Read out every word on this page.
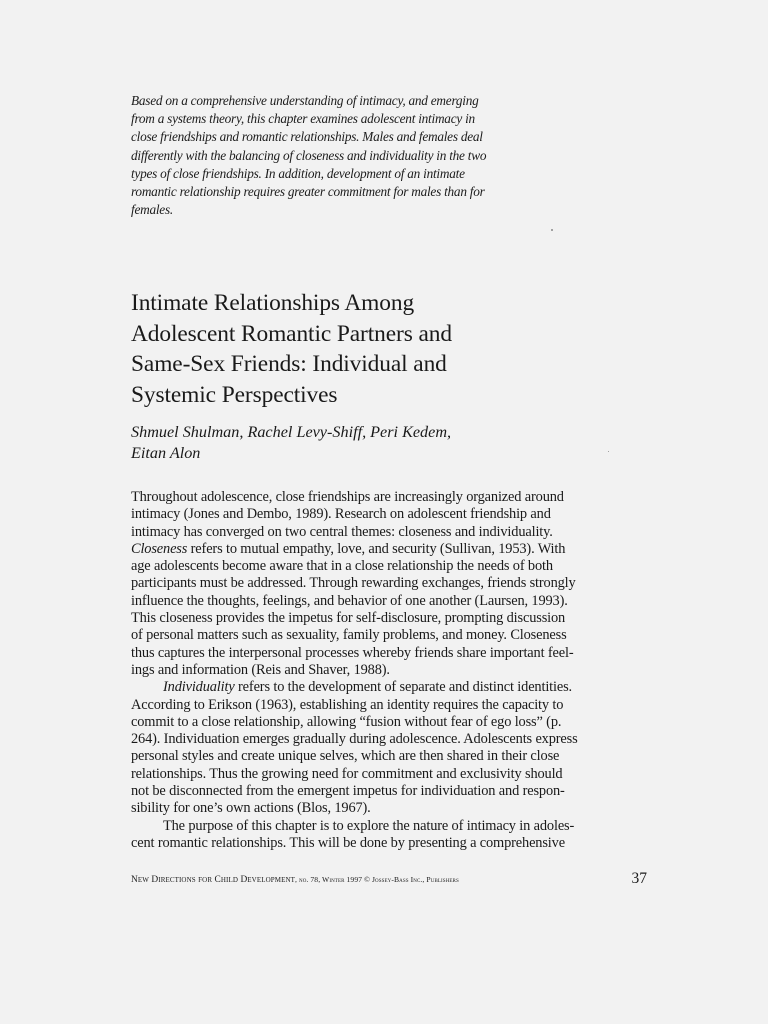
Based on a comprehensive understanding of intimacy, and emerging
from a systems theory, this chapter examines adolescent intimacy in
close friendships and romantic relationships. Males and females deal
differently with the balancing of closeness and individuality in the two
types of close friendships. In addition, development of an intimate
romantic relationship requires greater commitment for males than for
females.
Intimate Relationships Among
Adolescent Romantic Partners and
Same-Sex Friends: Individual and
Systemic Perspectives
Shmuel Shulman, Rachel Levy-Shiff, Peri Kedem,
Eitan Alon
Throughout adolescence, close friendships are increasingly organized around
intimacy (Jones and Dembo, 1989). Research on adolescent friendship and
intimacy has converged on two central themes: closeness and individuality.
Closeness refers to mutual empathy, love, and security (Sullivan, 1953). With
age adolescents become aware that in a close relationship the needs of both
participants must be addressed. Through rewarding exchanges, friends strongly
influence the thoughts, feelings, and behavior of one another (Laursen, 1993).
This closeness provides the impetus for self-disclosure, prompting discussion
of personal matters such as sexuality, family problems, and money. Closeness
thus captures the interpersonal processes whereby friends share important feel-
ings and information (Reis and Shaver, 1988).
Individuality refers to the development of separate and distinct identities.
According to Erikson (1963), establishing an identity requires the capacity to
commit to a close relationship, allowing “fusion without fear of ego loss” (p.
264). Individuation emerges gradually during adolescence. Adolescents express
personal styles and create unique selves, which are then shared in their close
relationships. Thus the growing need for commitment and exclusivity should
not be disconnected from the emergent impetus for individuation and respon-
sibility for one’s own actions (Blos, 1967).
The purpose of this chapter is to explore the nature of intimacy in adoles-
cent romantic relationships. This will be done by presenting a comprehensive
New Directions for Child Development, no. 78, Winter 1997 © Jossey-Bass Inc., Publishers	37
